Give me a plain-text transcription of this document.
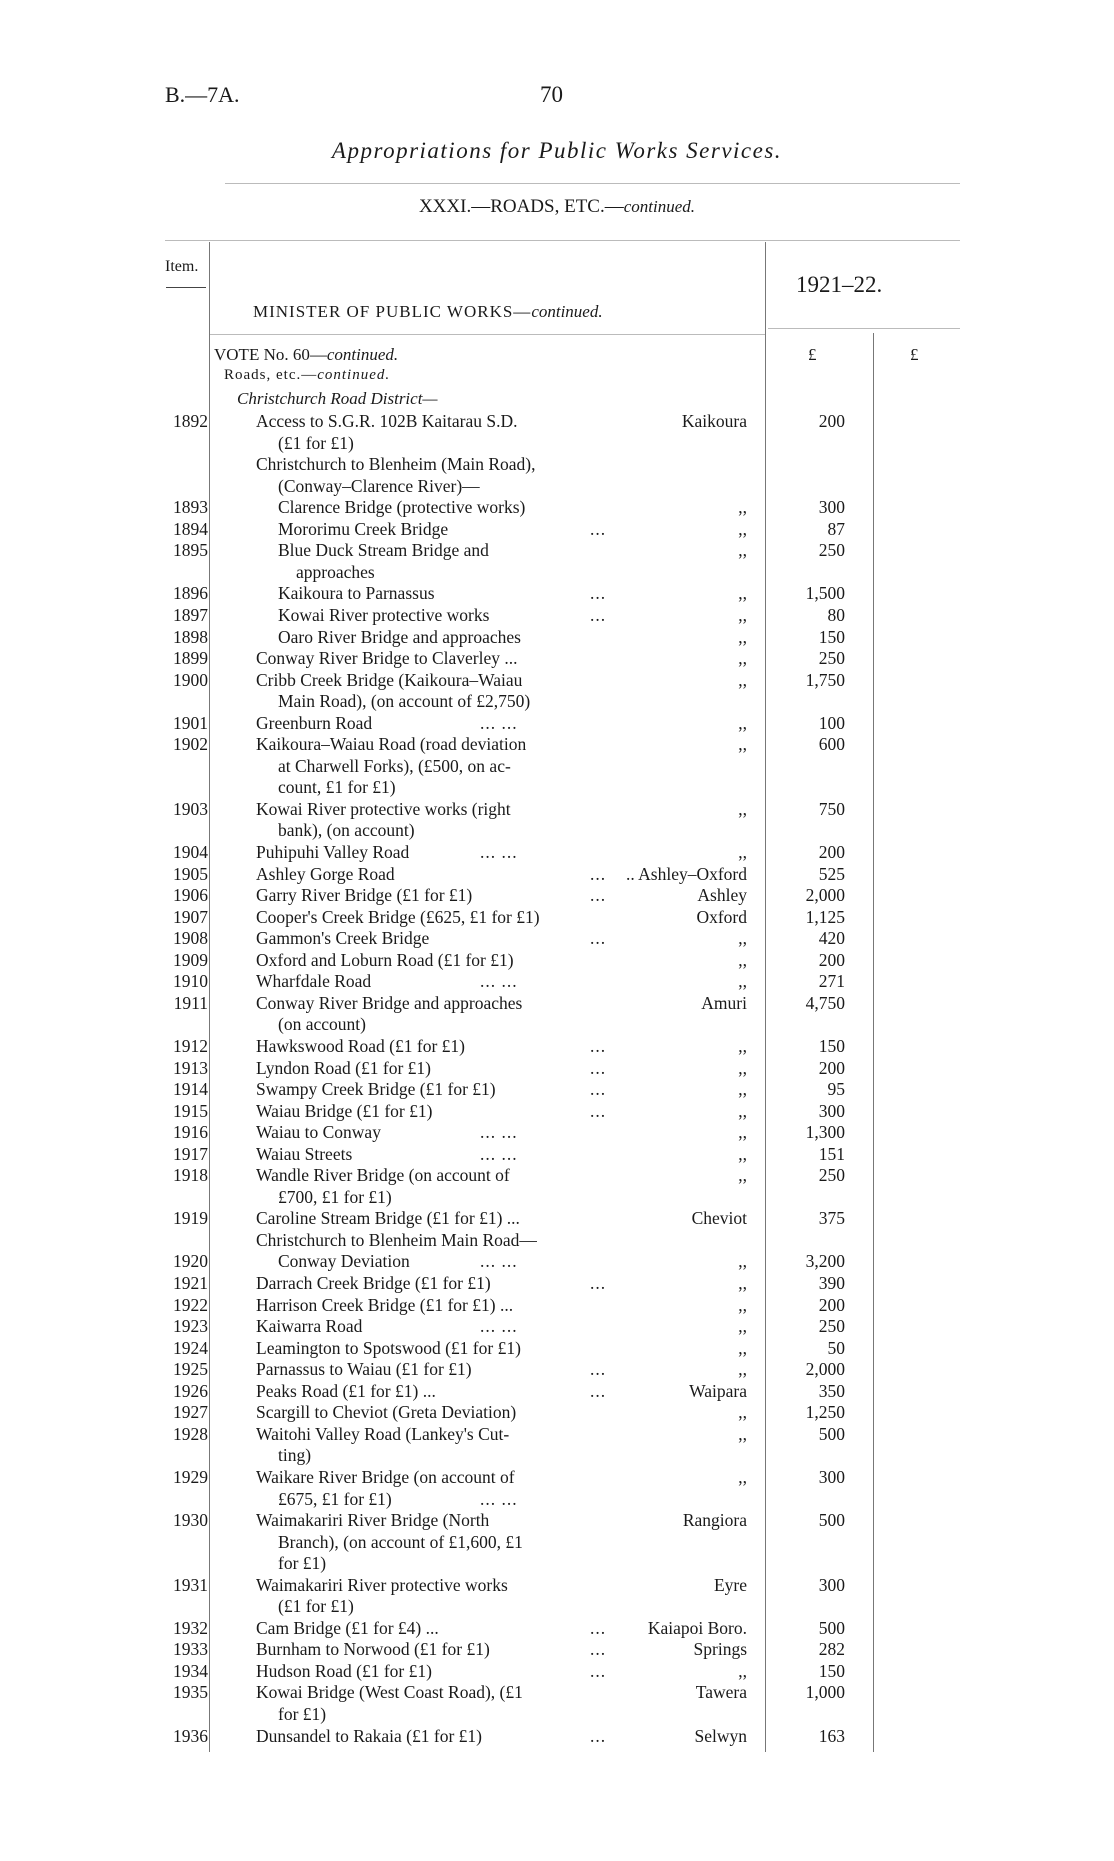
B.—7A.	70
Appropriations for Public Works Services.
XXXI.—ROADS, ETC.—continued.
Item.
1921–22.
MINISTER OF PUBLIC WORKS—continued.
£	£
VOTE No. 60—continued.
Roads, etc.—continued.
Christchurch Road District—
1892	Access to S.G.R. 102B Kaitarau S.D.	Kaikoura	200
(£1 for £1)
Christchurch to Blenheim (Main Road),
(Conway–Clarence River)—
1893	Clarence Bridge (protective works)	,,	300
1894	Mororimu Creek Bridge	...	,,	87
1895	Blue Duck Stream Bridge and	,,	250
approaches
1896	Kaikoura to Parnassus	...	,,	1,500
1897	Kowai River protective works	...	,,	80
1898	Oaro River Bridge and approaches	,,	150
1899	Conway River Bridge to Claverley ...	,,	250
1900	Cribb Creek Bridge (Kaikoura–Waiau	,,	1,750
Main Road), (on account of £2,750)
1901	Greenburn Road	... ...	,,	100
1902	Kaikoura–Waiau Road (road deviation	,,	600
at Charwell Forks), (£500, on ac-
count, £1 for £1)
1903	Kowai River protective works (right	,,	750
bank), (on account)
1904	Puhipuhi Valley Road	... ...	,,	200
1905	Ashley Gorge Road	... .. Ashley–Oxford	525
1906	Garry River Bridge (£1 for £1)	...	Ashley	2,000
1907	Cooper's Creek Bridge (£625, £1 for £1)	Oxford	1,125
1908	Gammon's Creek Bridge	...	,,	420
1909	Oxford and Loburn Road (£1 for £1)	,,	200
1910	Wharfdale Road	... ...	,,	271
1911	Conway River Bridge and approaches	Amuri	4,750
(on account)
1912	Hawkswood Road (£1 for £1)	...	,,	150
1913	Lyndon Road (£1 for £1)	...	,,	200
1914	Swampy Creek Bridge (£1 for £1)	...	,,	95
1915	Waiau Bridge (£1 for £1)	...	,,	300
1916	Waiau to Conway	... ...	,,	1,300
1917	Waiau Streets	... ...	,,	151
1918	Wandle River Bridge (on account of	,,	250
£700, £1 for £1)
1919	Caroline Stream Bridge (£1 for £1) ...	Cheviot	375
Christchurch to Blenheim Main Road—
1920	Conway Deviation	... ...	,,	3,200
1921	Darrach Creek Bridge (£1 for £1)	...	,,	390
1922	Harrison Creek Bridge (£1 for £1) ...	,,	200
1923	Kaiwarra Road	... ...	,,	250
1924	Leamington to Spotswood (£1 for £1)	,,	50
1925	Parnassus to Waiau (£1 for £1)	...	,,	2,000
1926	Peaks Road (£1 for £1) ...	...	Waipara	350
1927	Scargill to Cheviot (Greta Deviation)	,,	1,250
1928	Waitohi Valley Road (Lankey's Cut-	,,	500
ting)
1929	Waikare River Bridge (on account of	,,	300
£675, £1 for £1)	... ...
1930	Waimakariri River Bridge (North	Rangiora	500
Branch), (on account of £1,600, £1
for £1)
1931	Waimakariri River protective works	Eyre	300
(£1 for £1)
1932	Cam Bridge (£1 for £4) ...	... Kaiapoi Boro.	500
1933	Burnham to Norwood (£1 for £1)	...	Springs	282
1934	Hudson Road (£1 for £1)	...	,,	150
1935	Kowai Bridge (West Coast Road), (£1	Tawera	1,000
for £1)
1936	Dunsandel to Rakaia (£1 for £1)	...	Selwyn	163
